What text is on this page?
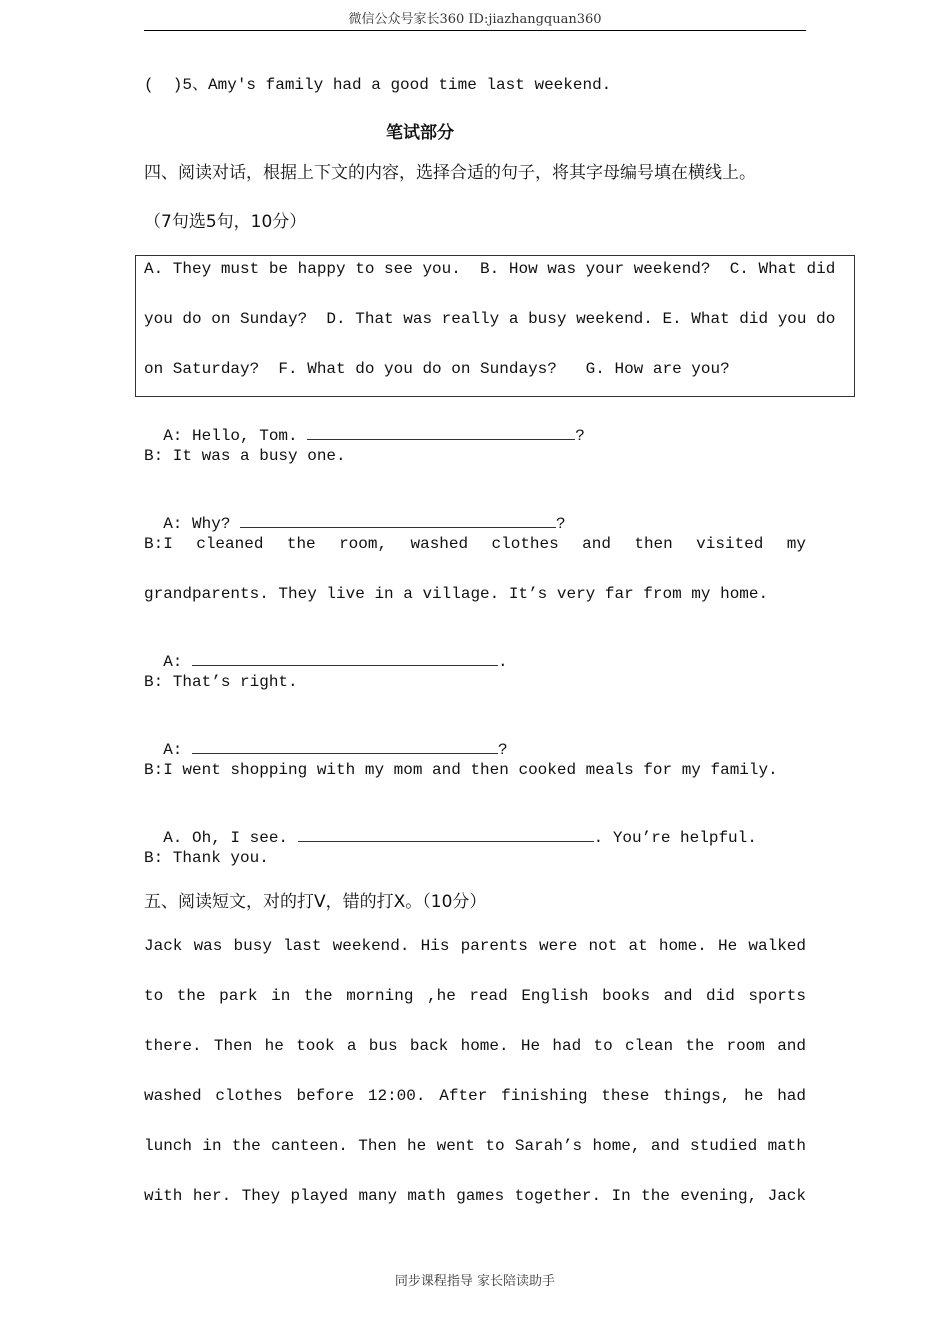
微信公众号家长360 ID:jiazhangquan360
(  )5、Amy's family had a good time last weekend.
笔试部分
四、阅读对话，根据上下文的内容，选择合适的句子，将其字母编号填在横线上。
（7句选5句，10分）
A. They must be happy to see you.  B. How was your weekend?  C. What did
you do on Sunday?  D. That was really a busy weekend. E. What did you do
on Saturday?  F. What do you do on Sundays?   G. How are you?

A: Hello, Tom.	?

B: It was a busy one.

A: Why?	?

B:I cleaned the room, washed clothes and then visited my
grandparents. They live in a village. It’s very far from my home.

A:	.

B: That’s right.

A:	?

B:I went shopping with my mom and then cooked meals for my family.

A. Oh, I see.	. You’re helpful.

B: Thank you.
五、阅读短文，对的打V，错的打X。（10分）
Jack was busy last weekend. His parents were not at home. He walked
to the park in the morning ,he read English books and did sports
there. Then he took a bus back home. He had to clean the room and
washed clothes before 12:00. After finishing these things, he had
lunch in the canteen. Then he went to Sarah’s home, and studied math
with her. They played many math games together. In the evening, Jack
同步课程指导 家长陪读助手
